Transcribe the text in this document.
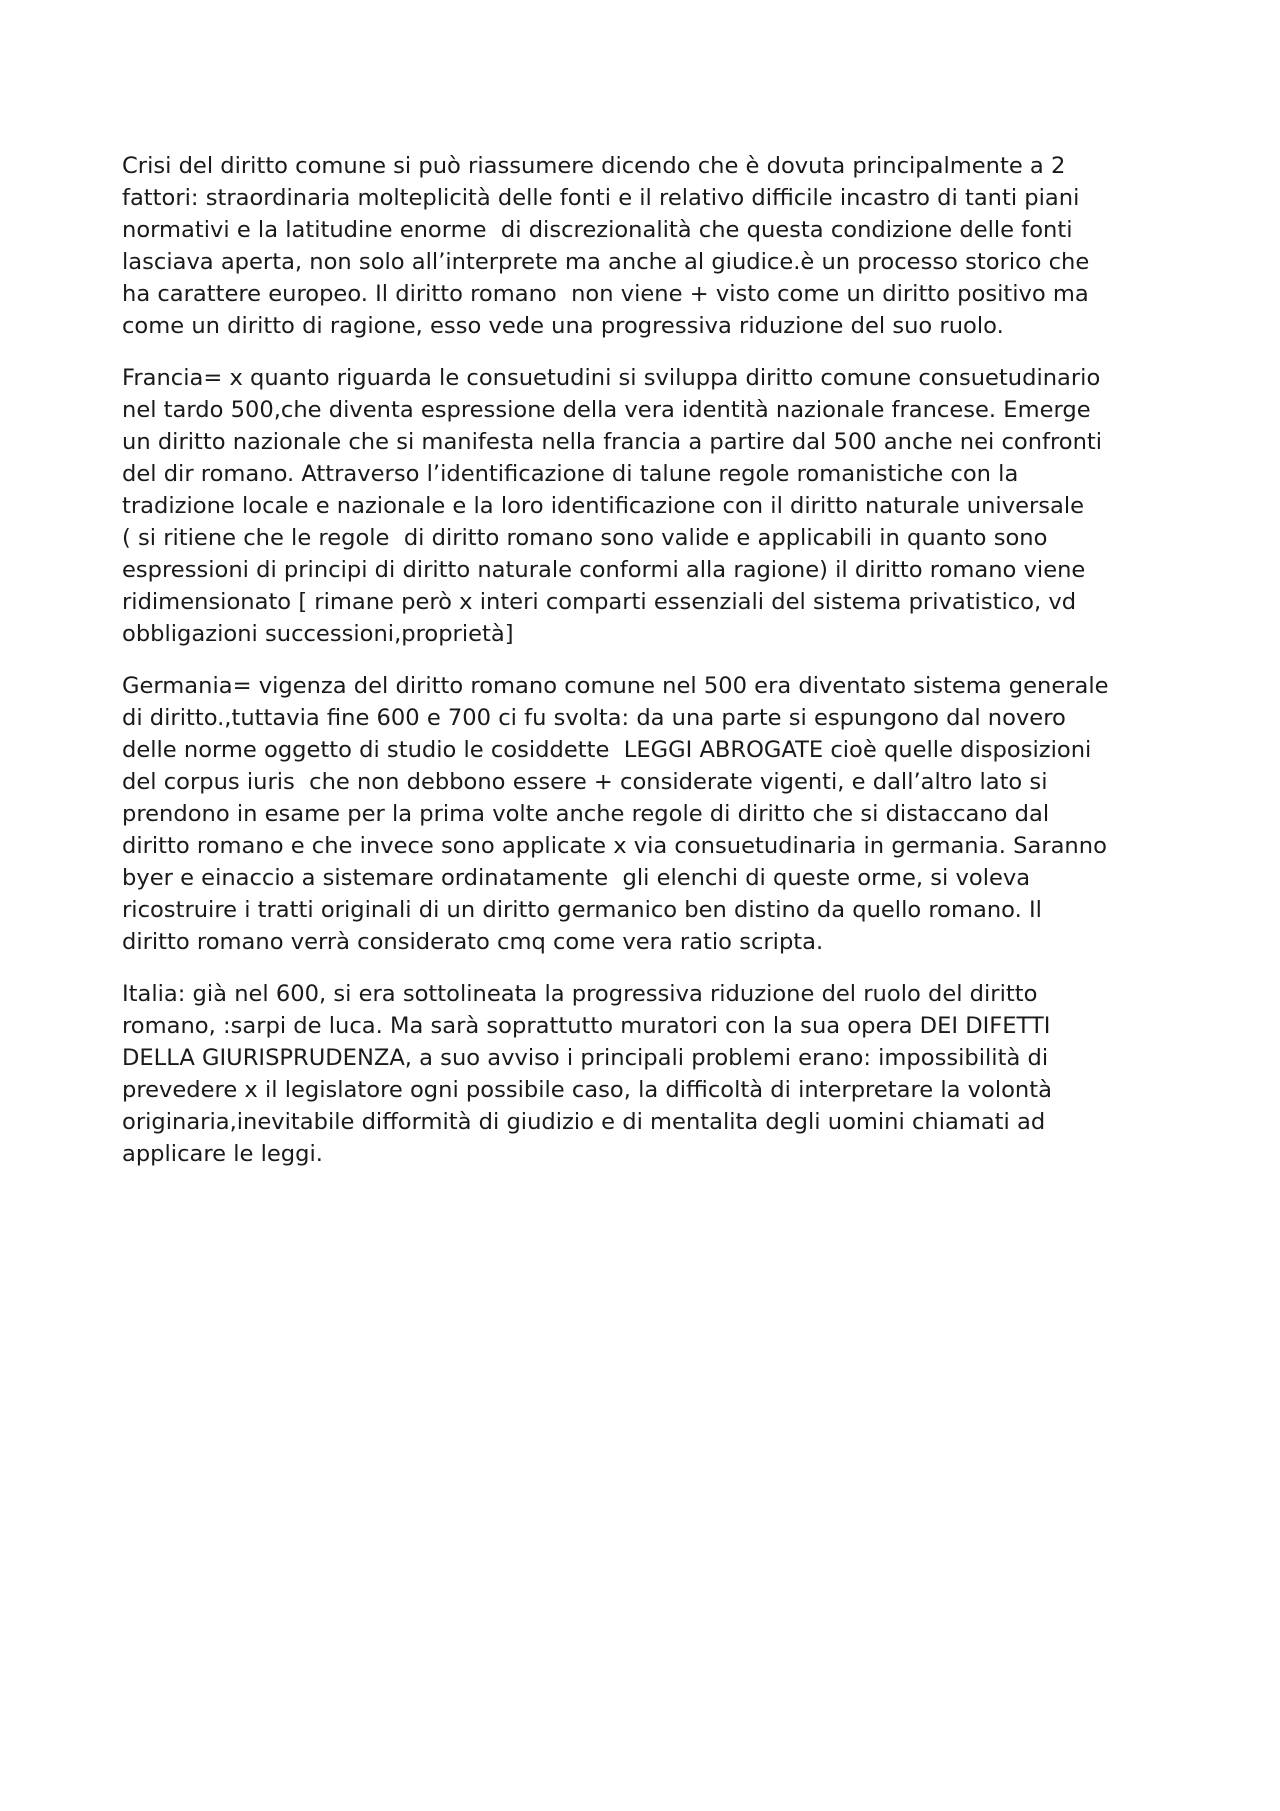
Crisi del diritto comune si può riassumere dicendo che è dovuta principalmente a 2
fattori: straordinaria molteplicità delle fonti e il relativo difficile incastro di tanti piani
normativi e la latitudine enorme  di discrezionalità che questa condizione delle fonti
lasciava aperta, non solo all’interprete ma anche al giudice.è un processo storico che
ha carattere europeo. Il diritto romano  non viene + visto come un diritto positivo ma
come un diritto di ragione, esso vede una progressiva riduzione del suo ruolo.

Francia= x quanto riguarda le consuetudini si sviluppa diritto comune consuetudinario
nel tardo 500,che diventa espressione della vera identità nazionale francese. Emerge
un diritto nazionale che si manifesta nella francia a partire dal 500 anche nei confronti
del dir romano. Attraverso l’identificazione di talune regole romanistiche con la
tradizione locale e nazionale e la loro identificazione con il diritto naturale universale
( si ritiene che le regole  di diritto romano sono valide e applicabili in quanto sono
espressioni di principi di diritto naturale conformi alla ragione) il diritto romano viene
ridimensionato [ rimane però x interi comparti essenziali del sistema privatistico, vd
obbligazioni successioni,proprietà]

Germania= vigenza del diritto romano comune nel 500 era diventato sistema generale
di diritto.,tuttavia fine 600 e 700 ci fu svolta: da una parte si espungono dal novero
delle norme oggetto di studio le cosiddette  LEGGI ABROGATE cioè quelle disposizioni
del corpus iuris  che non debbono essere + considerate vigenti, e dall’altro lato si
prendono in esame per la prima volte anche regole di diritto che si distaccano dal
diritto romano e che invece sono applicate x via consuetudinaria in germania. Saranno
byer e einaccio a sistemare ordinatamente  gli elenchi di queste orme, si voleva
ricostruire i tratti originali di un diritto germanico ben distino da quello romano. Il
diritto romano verrà considerato cmq come vera ratio scripta.

Italia: già nel 600, si era sottolineata la progressiva riduzione del ruolo del diritto
romano, :sarpi de luca. Ma sarà soprattutto muratori con la sua opera DEI DIFETTI
DELLA GIURISPRUDENZA, a suo avviso i principali problemi erano: impossibilità di
prevedere x il legislatore ogni possibile caso, la difficoltà di interpretare la volontà
originaria,inevitabile difformità di giudizio e di mentalita degli uomini chiamati ad
applicare le leggi.
